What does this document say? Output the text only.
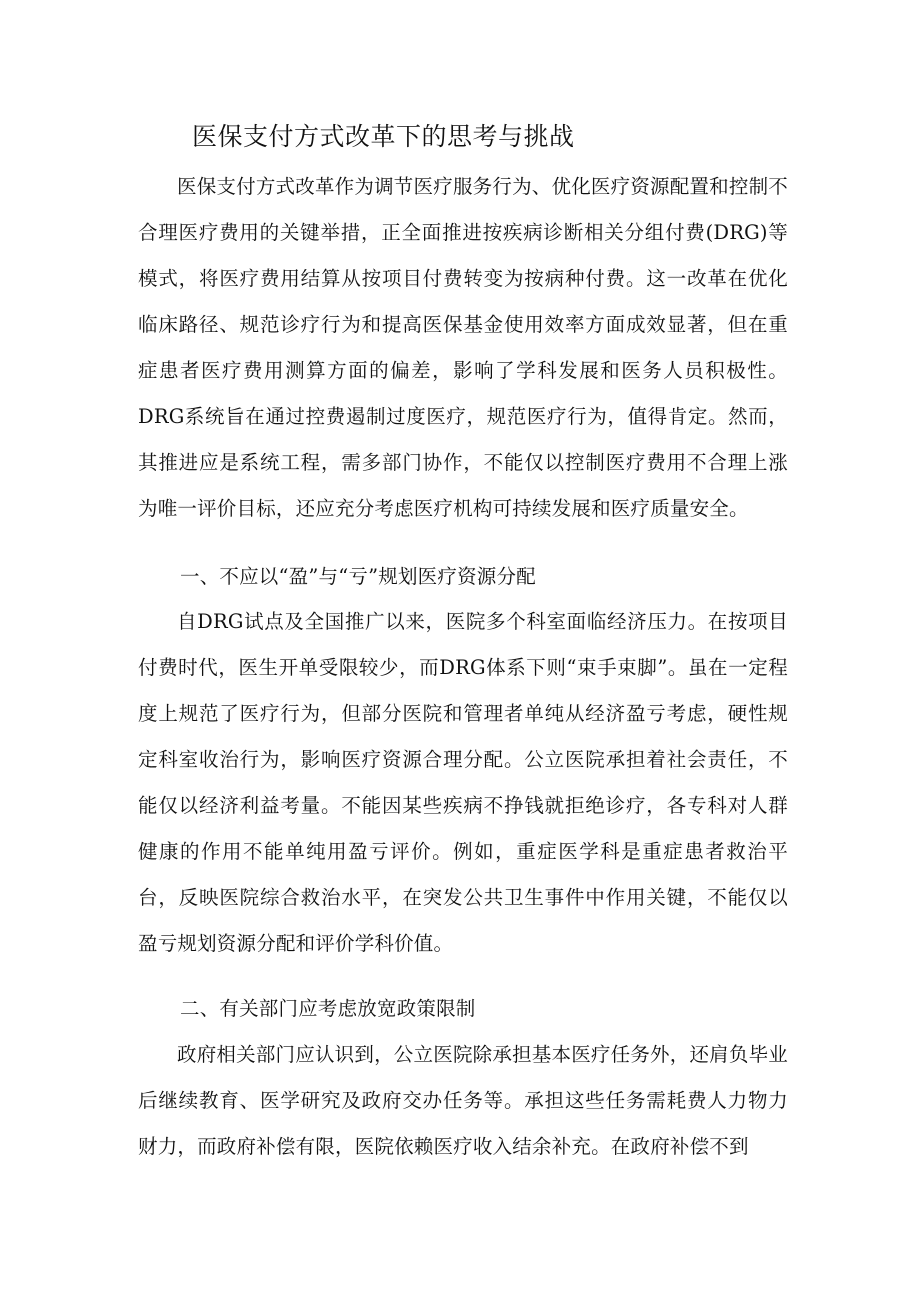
医保支付方式改革下的思考与挑战

医保支付方式改革作为调节医疗服务行为、优化医疗资源配置和控制不合理医疗费用的关键举措，正全面推进按疾病诊断相关分组付费(DRG)等模式，将医疗费用结算从按项目付费转变为按病种付费。这一改革在优化临床路径、规范诊疗行为和提高医保基金使用效率方面成效显著，但在重症患者医疗费用测算方面的偏差，影响了学科发展和医务人员积极性。DRG系统旨在通过控费遏制过度医疗，规范医疗行为，值得肯定。然而，其推进应是系统工程，需多部门协作，不能仅以控制医疗费用不合理上涨为唯一评价目标，还应充分考虑医疗机构可持续发展和医疗质量安全。

一、不应以“盈”与“亏”规划医疗资源分配

自DRG试点及全国推广以来，医院多个科室面临经济压力。在按项目付费时代，医生开单受限较少，而DRG体系下则“束手束脚”。虽在一定程度上规范了医疗行为，但部分医院和管理者单纯从经济盈亏考虑，硬性规定科室收治行为，影响医疗资源合理分配。公立医院承担着社会责任，不能仅以经济利益考量。不能因某些疾病不挣钱就拒绝诊疗，各专科对人群健康的作用不能单纯用盈亏评价。例如，重症医学科是重症患者救治平台，反映医院综合救治水平，在突发公共卫生事件中作用关键，不能仅以盈亏规划资源分配和评价学科价值。

二、有关部门应考虑放宽政策限制

政府相关部门应认识到，公立医院除承担基本医疗任务外，还肩负毕业后继续教育、医学研究及政府交办任务等。承担这些任务需耗费人力物力财力，而政府补偿有限，医院依赖医疗收入结余补充。在政府补偿不到
